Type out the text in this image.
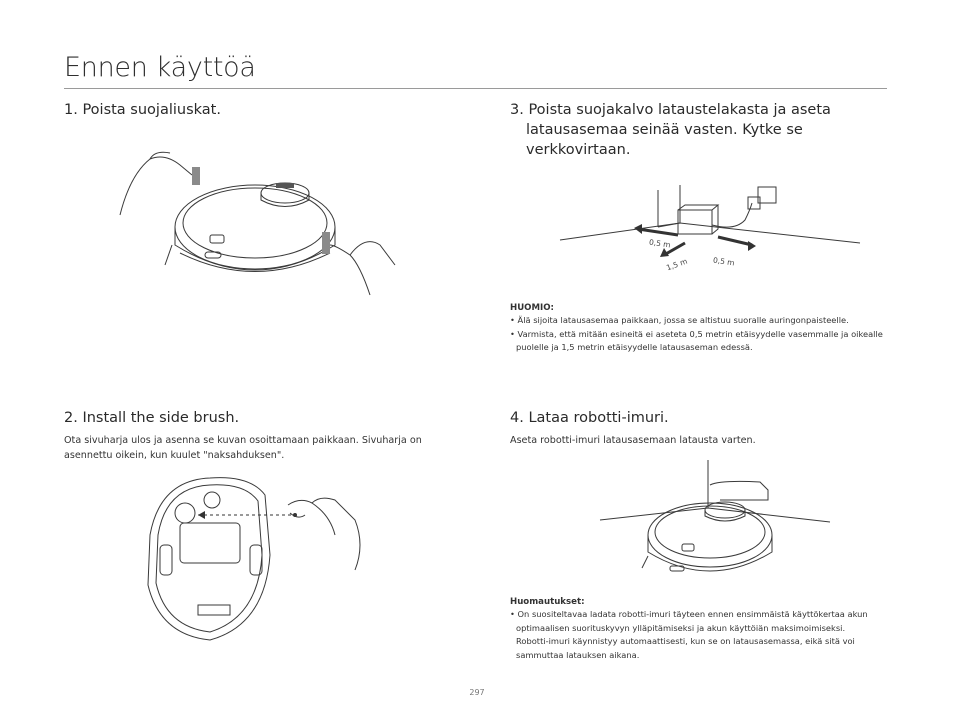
Ennen käyttöä
1. Poista suojaliuskat.
2. Install the side brush.
Ota sivuharja ulos ja asenna se kuvan osoittamaan paikkaan. Sivuharja on asennettu oikein, kun kuulet "naksahduksen".
3. Poista suojakalvo lataustelakasta ja aseta latausasemaa seinää vasten. Kytke se verkkovirtaan.
0,5 m
0,5 m
1,5 m
HUOMIO:
• Älä sijoita latausasemaa paikkaan, jossa se altistuu suoralle auringonpaisteelle.
• Varmista, että mitään esineitä ei aseteta 0,5 metrin etäisyydelle vasemmalle ja oikealle puolelle ja 1,5 metrin etäisyydelle latausaseman edessä.
4. Lataa robotti-imuri.
Aseta robotti-imuri latausasemaan latausta varten.
Huomautukset:
• On suositeltavaa ladata robotti-imuri täyteen ennen ensimmäistä käyttökertaa akun optimaalisen suorituskyvyn ylläpitämiseksi ja akun käyttöiän maksimoimiseksi.
Robotti-imuri käynnistyy automaattisesti, kun se on latausasemassa, eikä sitä voi sammuttaa latauksen aikana.
297
